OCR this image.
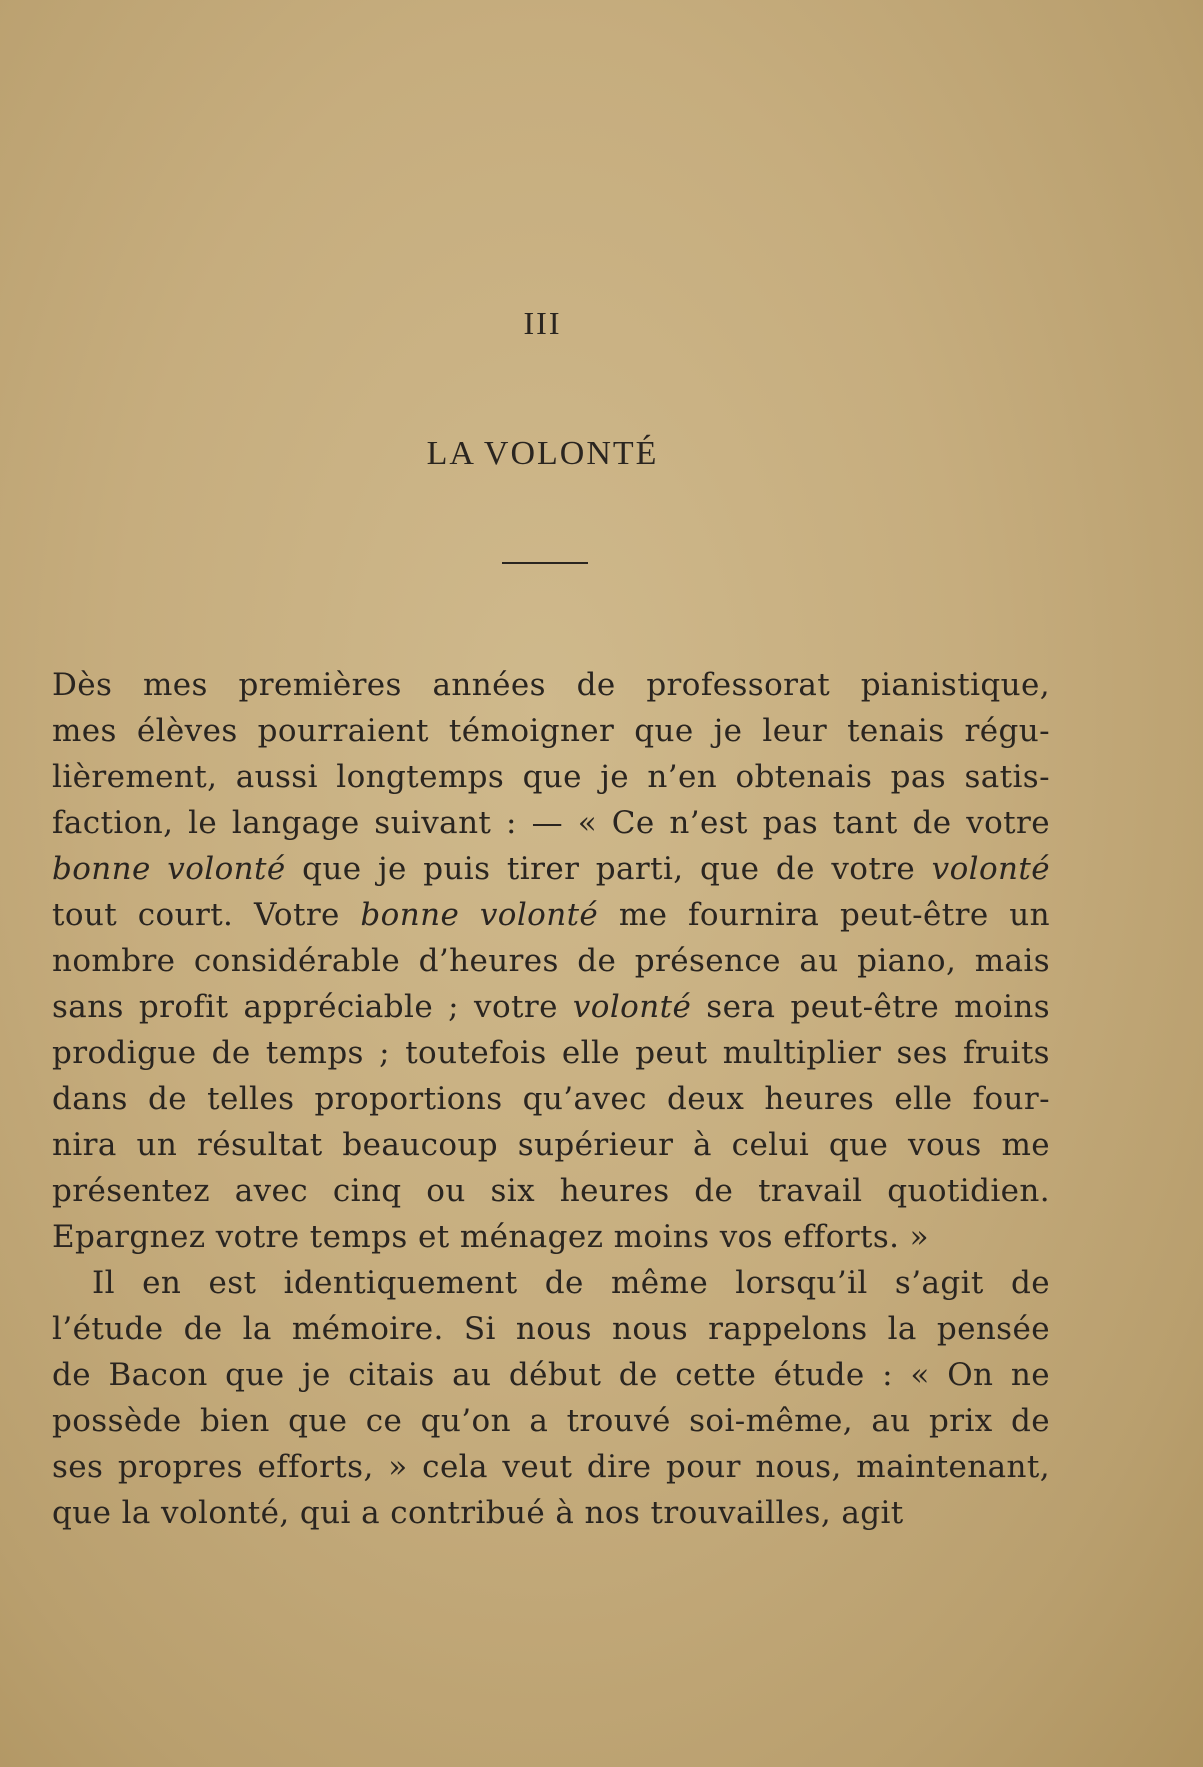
III
LA VOLONTÉ
Dès mes premières années de professorat pianistique,
mes élèves pourraient témoigner que je leur tenais régu-
lièrement, aussi longtemps que je n’en obtenais pas satis-
faction, le langage suivant : — « Ce n’est pas tant de votre
bonne volonté que je puis tirer parti, que de votre volonté
tout court. Votre bonne volonté me fournira peut-être un
nombre considérable d’heures de présence au piano, mais
sans profit appréciable ; votre volonté sera peut-être moins
prodigue de temps ; toutefois elle peut multiplier ses fruits
dans de telles proportions qu’avec deux heures elle four-
nira un résultat beaucoup supérieur à celui que vous me
présentez avec cinq ou six heures de travail quotidien.
Epargnez votre temps et ménagez moins vos efforts. »
Il en est identiquement de même lorsqu’il s’agit de
l’étude de la mémoire. Si nous nous rappelons la pensée
de Bacon que je citais au début de cette étude : « On ne
possède bien que ce qu’on a trouvé soi-même, au prix de
ses propres efforts, » cela veut dire pour nous, maintenant,
que la volonté, qui a contribué à nos trouvailles, agit
